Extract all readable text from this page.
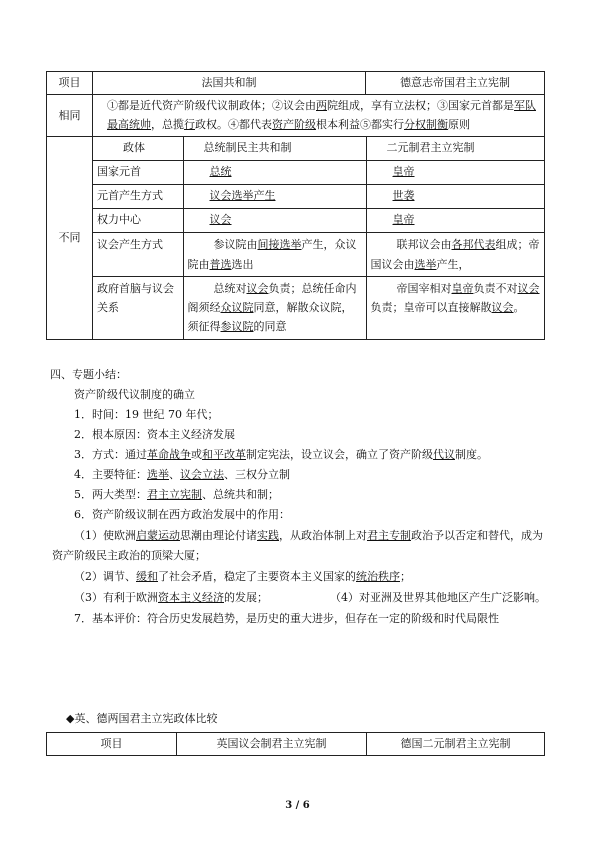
项目	法国共和制	德意志帝国君主立宪制
相同	①都是近代资产阶级代议制政体；②议会由两院组成，享有立法权；③国家元首都是军队最高统帅，总揽行政权。④都代表资产阶级根本利益⑤都实行分权制衡原则
不同	
政体	总统制民主共和制	二元制君主立宪制
国家元首	总统	皇帝
元首产生方式	议会选举产生	世袭
权力中心	议会	皇帝
议会产生方式	参议院由间接选举产生，众议院由普选选出	联邦议会由各邦代表组成；帝国议会由选举产生，
政府首脑与议会关系	总统对议会负责；总统任命内阁须经众议院同意，解散众议院，须征得参议院的同意	帝国宰相对皇帝负责不对议会负责；皇帝可以直接解散议会。
四、专题小结：
资产阶级代议制度的确立
1．时间：19 世纪 70 年代；
2．根本原因：资本主义经济发展
3．方式：通过革命战争或和平改革制定宪法，设立议会，确立了资产阶级代议制度。
4．主要特征：选举、议会立法、三权分立制
5．两大类型：君主立宪制、总统共和制；
6．资产阶级议制在西方政治发展中的作用：
（1）使欧洲启蒙运动思潮由理论付诸实践，从政治体制上对君主专制政治予以否定和替代，成为资产阶级民主政治的顶梁大厦；
（2）调节、缓和了社会矛盾，稳定了主要资本主义国家的统治秩序；
（3）有利于欧洲资本主义经济的发展；	（4）对亚洲及世界其他地区产生广泛影响。
7．基本评价：符合历史发展趋势，是历史的重大进步，但存在一定的阶级和时代局限性
◆英、德两国君主立宪政体比较
项目	英国议会制君主立宪制	德国二元制君主立宪制
3 / 6
